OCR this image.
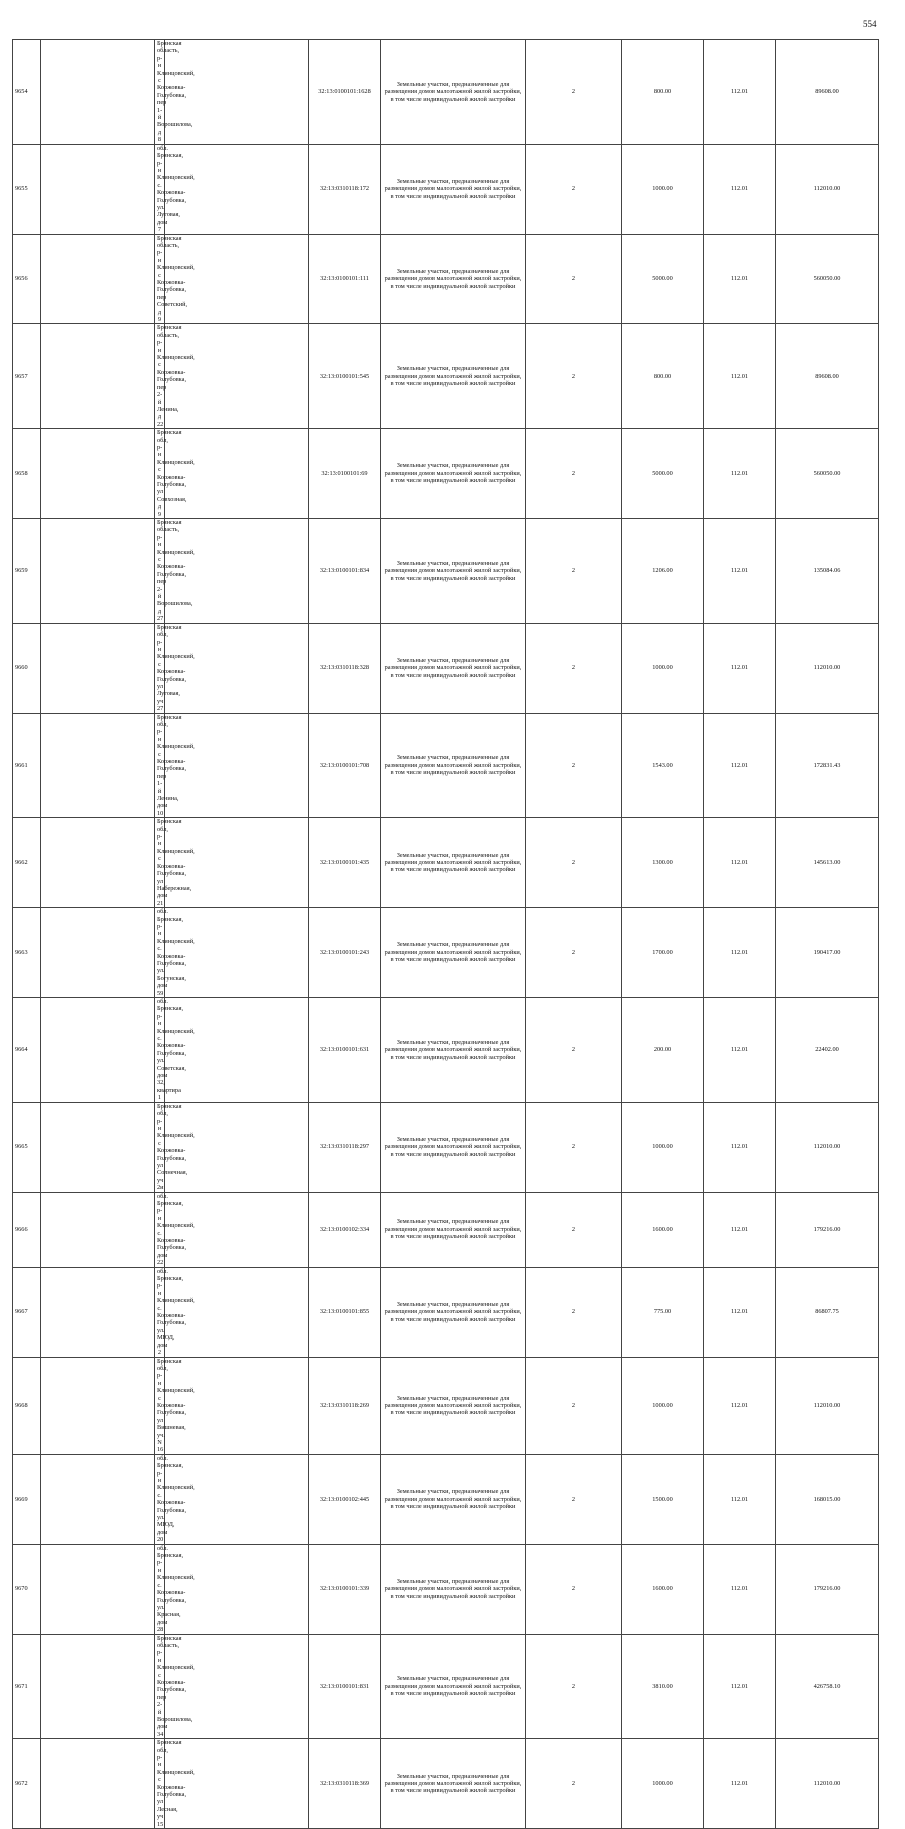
554
9654		Брянская область, р-н Клинцовский, с Коржовка-Голубовка, пер 1-й Ворошилова, д 8		32:13:0100101:1628	Земельные участки, предназначенные для размещения домов малоэтажной жилой застройки, в том числе индивидуальной жилой застройки	2	800.00	112.01	89608.00
9655		обл. Брянская, р-н Клинцовский, с. Коржовка-Голубовка, ул. Луговая, дом 7		32:13:0310118:172	Земельные участки, предназначенные для размещения домов малоэтажной жилой застройки, в том числе индивидуальной жилой застройки	2	1000.00	112.01	112010.00
9656		Брянская область, р-н Клинцовский, с Коржовка-Голубовка, пер Советский, д 9		32:13:0100101:111	Земельные участки, предназначенные для размещения домов малоэтажной жилой застройки, в том числе индивидуальной жилой застройки	2	5000.00	112.01	560050.00
9657		Брянская область, р-н Клинцовский, с Коржовка-Голубовка, пер 2-й Ленина, д 22		32:13:0100101:545	Земельные участки, предназначенные для размещения домов малоэтажной жилой застройки, в том числе индивидуальной жилой застройки	2	800.00	112.01	89608.00
9658		Брянская обл, р-н Клинцовский, с Коржовка-Голубовка, ул Совхозная, д 9		32:13:0100101:69	Земельные участки, предназначенные для размещения домов малоэтажной жилой застройки, в том числе индивидуальной жилой застройки	2	5000.00	112.01	560050.00
9659		Брянская область, р-н Клинцовский, с Коржовка-Голубовка, пер 2-й Ворошилова, д 27		32:13:0100101:834	Земельные участки, предназначенные для размещения домов малоэтажной жилой застройки, в том числе индивидуальной жилой застройки	2	1206.00	112.01	135084.06
9660		Брянская обл, р-н Клинцовский, с Коржовка-Голубовка, ул Луговая, уч 27		32:13:0310118:328	Земельные участки, предназначенные для размещения домов малоэтажной жилой застройки, в том числе индивидуальной жилой застройки	2	1000.00	112.01	112010.00
9661		Брянская обл, р-н Клинцовский, с Коржовка-Голубовка, пер 1-й Ленина, дом 10		32:13:0100101:708	Земельные участки, предназначенные для размещения домов малоэтажной жилой застройки, в том числе индивидуальной жилой застройки	2	1543.00	112.01	172831.43
9662		Брянская обл, р-н Клинцовский, с Коржовка-Голубовка, ул Набережная, дом 21		32:13:0100101:435	Земельные участки, предназначенные для размещения домов малоэтажной жилой застройки, в том числе индивидуальной жилой застройки	2	1300.00	112.01	145613.00
9663		обл. Брянская, р-н Клинцовский, с. Коржовка-Голубовка, ул. Богунская, дом 59		32:13:0100101:243	Земельные участки, предназначенные для размещения домов малоэтажной жилой застройки, в том числе индивидуальной жилой застройки	2	1700.00	112.01	190417.00
9664		обл. Брянская, р-н Клинцовский, с. Коржовка-Голубовка, ул. Советская, дом 32, квартира 1		32:13:0100101:631	Земельные участки, предназначенные для размещения домов малоэтажной жилой застройки, в том числе индивидуальной жилой застройки	2	200.00	112.01	22402.00
9665		Брянская обл, р-н Клинцовский, с Коржовка-Голубовка, ул Солнечная, уч 2и		32:13:0310118:297	Земельные участки, предназначенные для размещения домов малоэтажной жилой застройки, в том числе индивидуальной жилой застройки	2	1000.00	112.01	112010.00
9666		обл. Брянская, р-н Клинцовский, с. Коржовка-Голубовка, дом 22		32:13:0100102:334	Земельные участки, предназначенные для размещения домов малоэтажной жилой застройки, в том числе индивидуальной жилой застройки	2	1600.00	112.01	179216.00
9667		обл. Брянская, р-н Клинцовский, с. Коржовка-Голубовка, ул. МЮД, дом 2		32:13:0100101:855	Земельные участки, предназначенные для размещения домов малоэтажной жилой застройки, в том числе индивидуальной жилой застройки	2	775.00	112.01	86807.75
9668		Брянская обл, р-н Клинцовский, с Коржовка-Голубовка, ул Вишневая, уч. N 16		32:13:0310118:269	Земельные участки, предназначенные для размещения домов малоэтажной жилой застройки, в том числе индивидуальной жилой застройки	2	1000.00	112.01	112010.00
9669		обл. Брянская, р-н Клинцовский, с. Коржовка-Голубовка, ул. МЮД, дом 20		32:13:0100102:445	Земельные участки, предназначенные для размещения домов малоэтажной жилой застройки, в том числе индивидуальной жилой застройки	2	1500.00	112.01	168015.00
9670		обл. Брянская, р-н Клинцовский, с. Коржовка-Голубовка, ул. Красная, дом 28		32:13:0100101:339	Земельные участки, предназначенные для размещения домов малоэтажной жилой застройки, в том числе индивидуальной жилой застройки	2	1600.00	112.01	179216.00
9671		Брянская область, р-н Клинцовский, с Коржовка-Голубовка, пер 2-й Ворошилова, дом 34		32:13:0100101:831	Земельные участки, предназначенные для размещения домов малоэтажной жилой застройки, в том числе индивидуальной жилой застройки	2	3810.00	112.01	426758.10
9672		Брянская обл, р-н Клинцовский, с Коржовка-Голубовка, ул Лесная, уч 15		32:13:0310118:369	Земельные участки, предназначенные для размещения домов малоэтажной жилой застройки, в том числе индивидуальной жилой застройки	2	1000.00	112.01	112010.00
